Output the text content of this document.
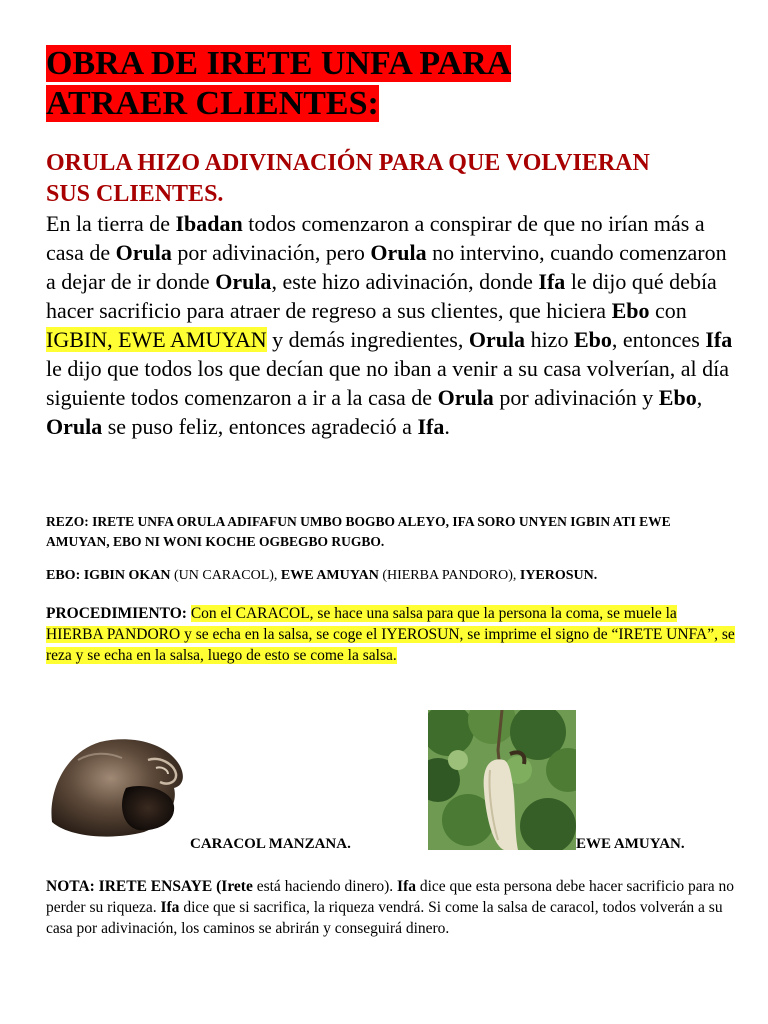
OBRA DE IRETE UNFA PARA
ATRAER CLIENTES:
ORULA HIZO ADIVINACIÓN PARA QUE VOLVIERAN SUS CLIENTES.

En la tierra de Ibadan todos comenzaron a conspirar de que no irían más a casa de Orula por adivinación, pero Orula no intervino, cuando comenzaron a dejar de ir donde Orula, este hizo adivinación, donde Ifa le dijo qué debía hacer sacrificio para atraer de regreso a sus clientes, que hiciera Ebo con IGBIN, EWE AMUYAN y demás ingredientes, Orula hizo Ebo, entonces Ifa le dijo que todos los que decían que no iban a venir a su casa volverían, al día siguiente todos comenzaron a ir a la casa de Orula por adivinación y Ebo, Orula se puso feliz, entonces agradeció a Ifa.

REZO: IRETE UNFA ORULA ADIFAFUN UMBO BOGBO ALEYO, IFA SORO UNYEN IGBIN ATI EWE AMUYAN, EBO NI WONI KOCHE OGBEGBO RUGBO.

EBO: IGBIN OKAN (UN CARACOL), EWE AMUYAN (HIERBA PANDORO), IYEROSUN.

PROCEDIMIENTO: Con el CARACOL, se hace una salsa para que la persona la coma, se muele la HIERBA PANDORO y se echa en la salsa, se coge el IYEROSUN, se imprime el signo de “IRETE UNFA”, se reza y se echa en la salsa, luego de esto se come la salsa.

CARACOL MANZANA.	EWE AMUYAN.

NOTA: IRETE ENSAYE (Irete está haciendo dinero). Ifa dice que esta persona debe hacer sacrificio para no perder su riqueza. Ifa dice que si sacrifica, la riqueza vendrá. Si come la salsa de caracol, todos volverán a su casa por adivinación, los caminos se abrirán y conseguirá dinero.
